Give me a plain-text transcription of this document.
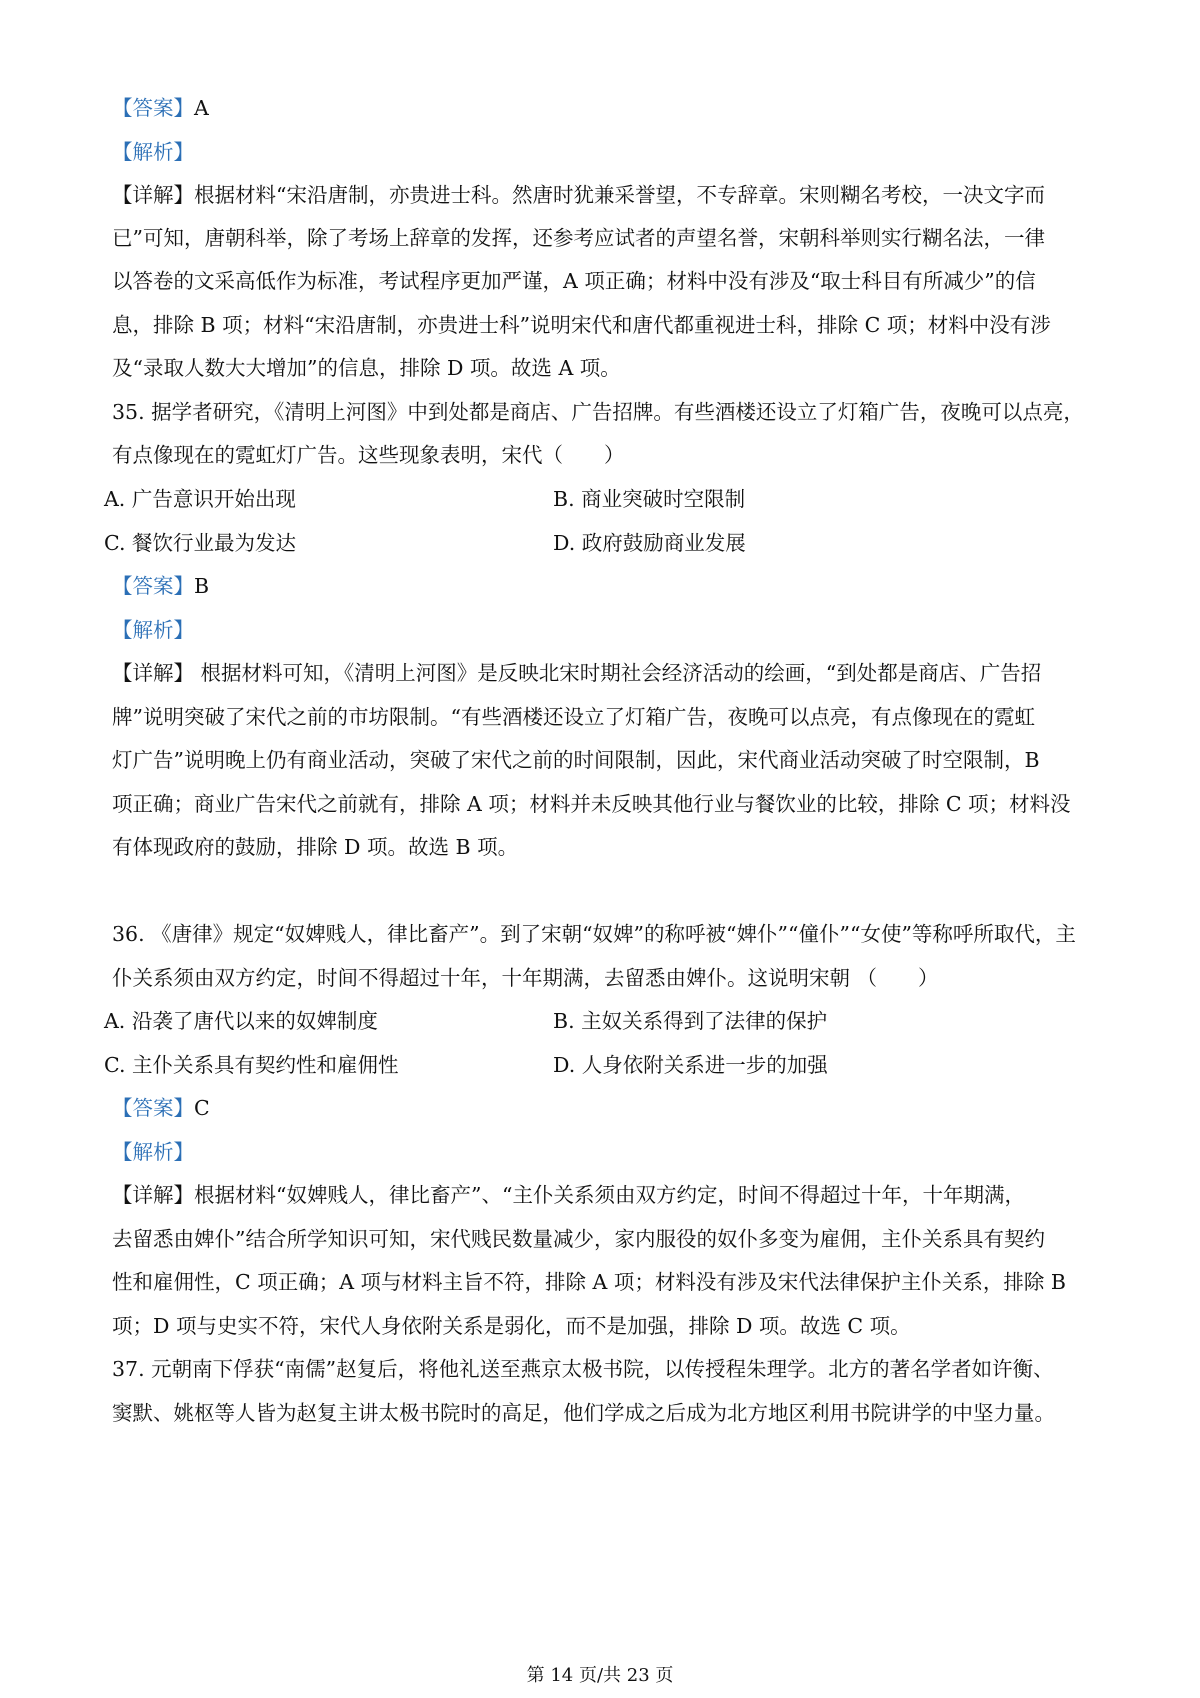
【答案】A
【解析】
【详解】根据材料“宋沿唐制，亦贵进士科。然唐时犹兼采誉望，不专辞章。宋则糊名考校，一决文字而
已”可知，唐朝科举，除了考场上辞章的发挥，还参考应试者的声望名誉，宋朝科举则实行糊名法，一律
以答卷的文采高低作为标准，考试程序更加严谨，A 项正确；材料中没有涉及“取士科目有所减少”的信
息，排除 B 项；材料“宋沿唐制，亦贵进士科”说明宋代和唐代都重视进士科，排除 C 项；材料中没有涉
及“录取人数大大增加”的信息，排除 D 项。故选 A 项。
35. 据学者研究，《清明上河图》中到处都是商店、广告招牌。有些酒楼还设立了灯箱广告，夜晚可以点亮，
有点像现在的霓虹灯广告。这些现象表明，宋代（　　）
A. 广告意识开始出现	B. 商业突破时空限制
C. 餐饮行业最为发达	D. 政府鼓励商业发展
【答案】B
【解析】
【详解】 根据材料可知，《清明上河图》是反映北宋时期社会经济活动的绘画，“到处都是商店、广告招
牌”说明突破了宋代之前的市坊限制。“有些酒楼还设立了灯箱广告，夜晚可以点亮，有点像现在的霓虹
灯广告”说明晚上仍有商业活动，突破了宋代之前的时间限制，因此，宋代商业活动突破了时空限制，B
项正确；商业广告宋代之前就有，排除 A 项；材料并未反映其他行业与餐饮业的比较，排除 C 项；材料没
有体现政府的鼓励，排除 D 项。故选 B 项。
36. 《唐律》规定“奴婢贱人，律比畜产”。到了宋朝“奴婢”的称呼被“婢仆”“僮仆”“女使”等称呼所取代，主
仆关系须由双方约定，时间不得超过十年，十年期满，去留悉由婢仆。这说明宋朝 （　　）
A. 沿袭了唐代以来的奴婢制度	B. 主奴关系得到了法律的保护
C. 主仆关系具有契约性和雇佣性	D. 人身依附关系进一步的加强
【答案】C
【解析】
【详解】根据材料“奴婢贱人，律比畜产”、“主仆关系须由双方约定，时间不得超过十年，十年期满，
去留悉由婢仆”结合所学知识可知，宋代贱民数量减少，家内服役的奴仆多变为雇佣，主仆关系具有契约
性和雇佣性，C 项正确；A 项与材料主旨不符，排除 A 项；材料没有涉及宋代法律保护主仆关系，排除 B
项；D 项与史实不符，宋代人身依附关系是弱化，而不是加强，排除 D 项。故选 C 项。
37. 元朝南下俘获“南儒”赵复后，将他礼送至燕京太极书院，以传授程朱理学。北方的著名学者如许衡、
窦默、姚枢等人皆为赵复主讲太极书院时的高足，他们学成之后成为北方地区利用书院讲学的中坚力量。
第 14 页/共 23 页
